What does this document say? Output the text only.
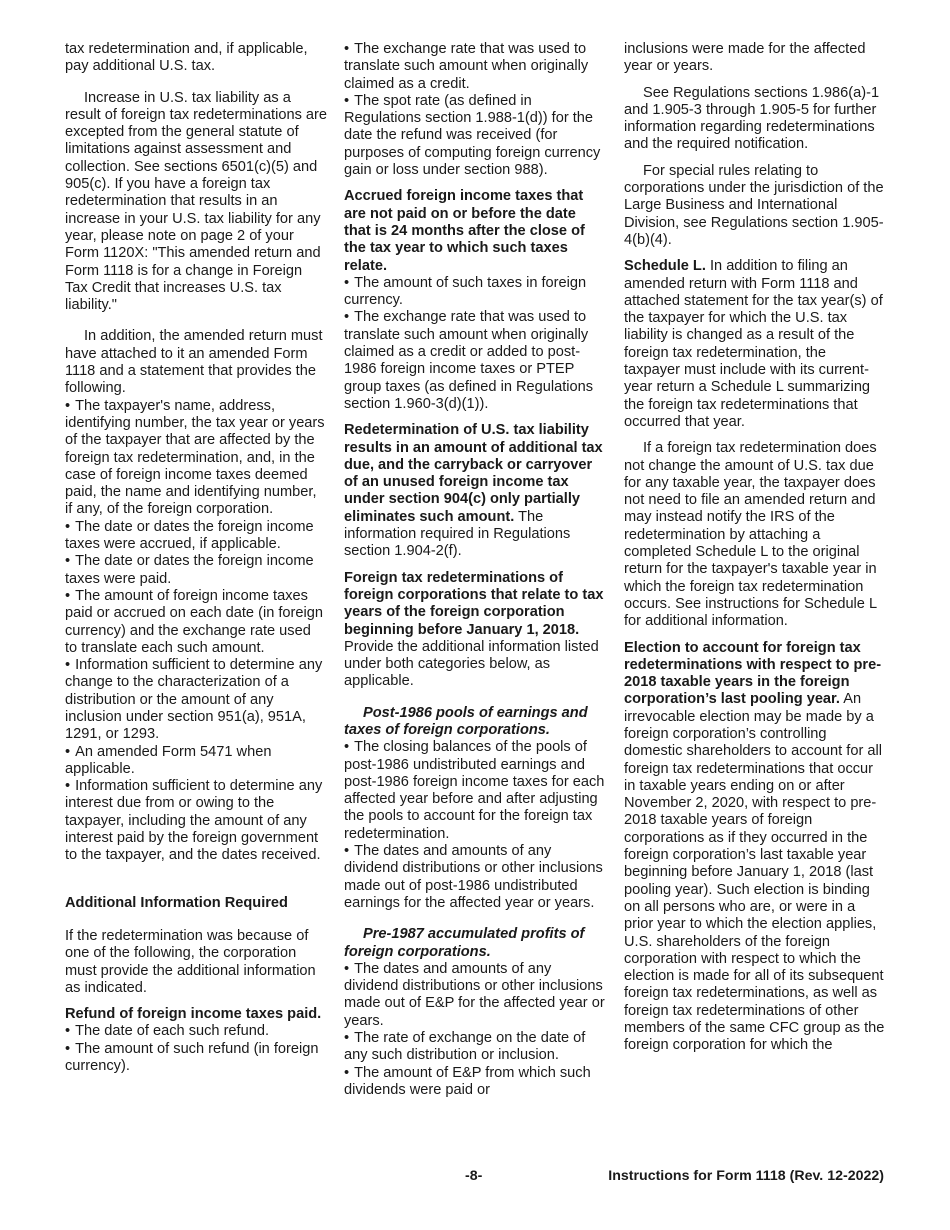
tax redetermination and, if applicable, pay additional U.S. tax.

Increase in U.S. tax liability as a result of foreign tax redeterminations are excepted from the general statute of limitations against assessment and collection. See sections 6501(c)(5) and 905(c). If you have a foreign tax redetermination that results in an increase in your U.S. tax liability for any year, please note on page 2 of your Form 1120X: "This amended return and Form 1118 is for a change in Foreign Tax Credit that increases U.S. tax liability."

In addition, the amended return must have attached to it an amended Form 1118 and a statement that provides the following.

• The taxpayer's name, address, identifying number, the tax year or years of the taxpayer that are affected by the foreign tax redetermination, and, in the case of foreign income taxes deemed paid, the name and identifying number, if any, of the foreign corporation.

• The date or dates the foreign income taxes were accrued, if applicable.

• The date or dates the foreign income taxes were paid.

• The amount of foreign income taxes paid or accrued on each date (in foreign currency) and the exchange rate used to translate each such amount.

• Information sufficient to determine any change to the characterization of a distribution or the amount of any inclusion under section 951(a), 951A, 1291, or 1293.

• An amended Form 5471 when applicable.

• Information sufficient to determine any interest due from or owing to the taxpayer, including the amount of any interest paid by the foreign government to the taxpayer, and the dates received.

Additional Information Required

If the redetermination was because of one of the following, the corporation must provide the additional information as indicated.

Refund of foreign income taxes paid.

• The date of each such refund.

• The amount of such refund (in foreign currency).

• The exchange rate that was used to translate such amount when originally claimed as a credit.

• The spot rate (as defined in Regulations section 1.988-1(d)) for the date the refund was received (for purposes of computing foreign currency gain or loss under section 988).

Accrued foreign income taxes that are not paid on or before the date that is 24 months after the close of the tax year to which such taxes relate.

• The amount of such taxes in foreign currency.

• The exchange rate that was used to translate such amount when originally claimed as a credit or added to post-1986 foreign income taxes or PTEP group taxes (as defined in Regulations section 1.960-3(d)(1)).

Redetermination of U.S. tax liability results in an amount of additional tax due, and the carryback or carryover of an unused foreign income tax under section 904(c) only partially eliminates such amount. The information required in Regulations section 1.904-2(f).

Foreign tax redeterminations of foreign corporations that relate to tax years of the foreign corporation beginning before January 1, 2018. Provide the additional information listed under both categories below, as applicable.

Post-1986 pools of earnings and taxes of foreign corporations.

• The closing balances of the pools of post-1986 undistributed earnings and post-1986 foreign income taxes for each affected year before and after adjusting the pools to account for the foreign tax redetermination.

• The dates and amounts of any dividend distributions or other inclusions made out of post-1986 undistributed earnings for the affected year or years.

Pre-1987 accumulated profits of foreign corporations.

• The dates and amounts of any dividend distributions or other inclusions made out of E&P for the affected year or years.

• The rate of exchange on the date of any such distribution or inclusion.

• The amount of E&P from which such dividends were paid or

inclusions were made for the affected year or years.

See Regulations sections 1.986(a)-1 and 1.905-3 through 1.905-5 for further information regarding redeterminations and the required notification.

For special rules relating to corporations under the jurisdiction of the Large Business and International Division, see Regulations section 1.905-4(b)(4).

Schedule L. In addition to filing an amended return with Form 1118 and attached statement for the tax year(s) of the taxpayer for which the U.S. tax liability is changed as a result of the foreign tax redetermination, the taxpayer must include with its current-year return a Schedule L summarizing the foreign tax redeterminations that occurred that year.

If a foreign tax redetermination does not change the amount of U.S. tax due for any taxable year, the taxpayer does not need to file an amended return and may instead notify the IRS of the redetermination by attaching a completed Schedule L to the original return for the taxpayer's taxable year in which the foreign tax redetermination occurs. See instructions for Schedule L for additional information.

Election to account for foreign tax redeterminations with respect to pre-2018 taxable years in the foreign corporation’s last pooling year. An irrevocable election may be made by a foreign corporation’s controlling domestic shareholders to account for all foreign tax redeterminations that occur in taxable years ending on or after November 2, 2020, with respect to pre-2018 taxable years of foreign corporations as if they occurred in the foreign corporation’s last taxable year beginning before January 1, 2018 (last pooling year). Such election is binding on all persons who are, or were in a prior year to which the election applies, U.S. shareholders of the foreign corporation with respect to which the election is made for all of its subsequent foreign tax redeterminations, as well as foreign tax redeterminations of other members of the same CFC group as the foreign corporation for which the

-8-	Instructions for Form 1118 (Rev. 12-2022)
